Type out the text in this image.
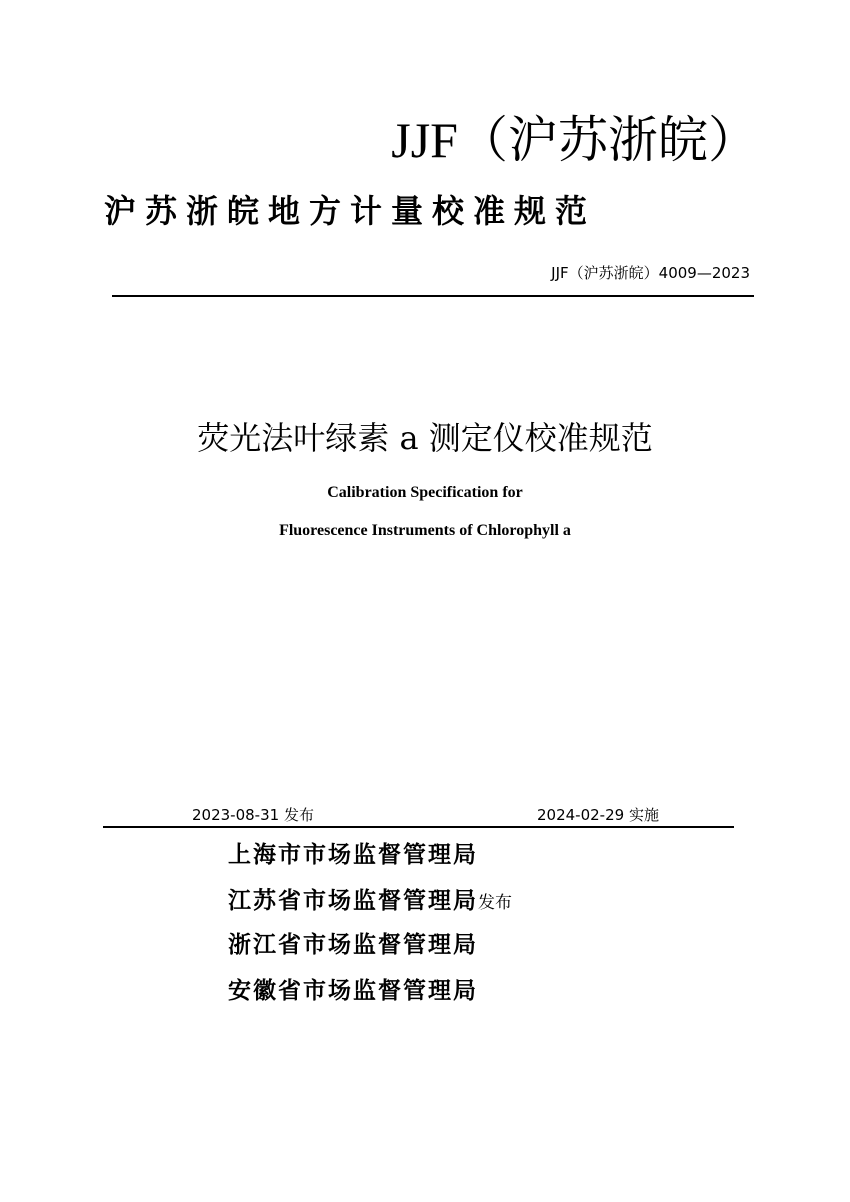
JJF（沪苏浙皖）
沪苏浙皖地方计量校准规范
JJF（沪苏浙皖）4009—2023
荧光法叶绿素 a 测定仪校准规范
Calibration Specification for
Fluorescence Instruments of Chlorophyll a
2023-08-31 发布	2024-02-29 实施
上海市市场监督管理局
江苏省市场监督管理局发布
浙江省市场监督管理局
安徽省市场监督管理局
